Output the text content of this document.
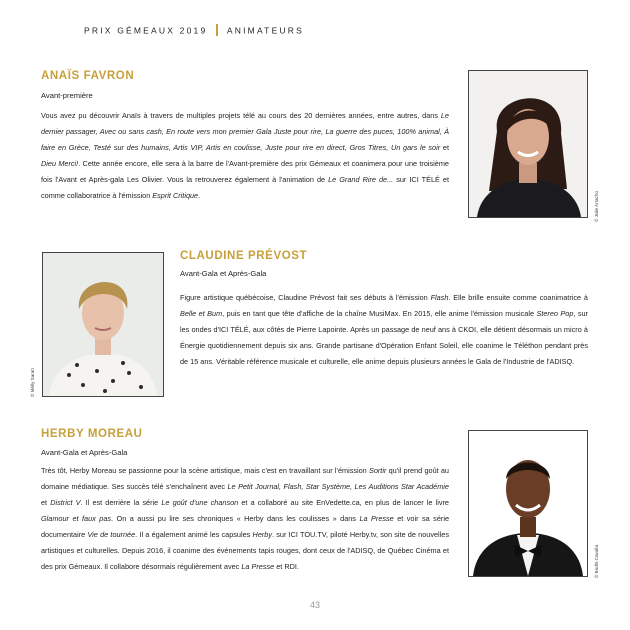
PRIX GÉMEAUX 2019 ANIMATEURS
ANAÏS FAVRON
Avant-première

Vous avez pu découvrir Anaïs à travers de multiples projets télé au cours des 20 dernières années, entre autres, dans Le dernier passager, Avec ou sans cash, En route vers mon premier Gala Juste pour rire, La guerre des puces, 100% animal, À faire en Grèce, Testé sur des humains, Artis VIP, Artis en coulisse, Juste pour rire en direct, Gros Titres, Un gars le soir et Dieu Merci!. Cette année encore, elle sera à la barre de l'Avant-première des prix Gémeaux et coanimera pour une troisième fois l'Avant et Après-gala Les Olivier. Vous la retrouverez également à l'animation de Le Grand Rire de... sur ICI TÉLÉ et comme collaboratrice à l'émission Esprit Critique.	© Julie Artacho
CLAUDINE PRÉVOST
Avant-Gala et Après-Gala

Figure artistique québécoise, Claudine Prévost fait ses débuts à l'émission Flash. Elle brille ensuite comme coanimatrice à Belle et Bum, puis en tant que tête d'affiche de la chaîne MusiMax. En 2015, elle anime l'émission musicale Stereo Pop, sur les ondes d'ICI TÉLÉ, aux côtés de Pierre Lapointe. Après un passage de neuf ans à CKOI, elle détient désormais un micro à Énergie quotidiennement depuis six ans. Grande partisane d'Opération Enfant Soleil, elle coanime le Téléthon pendant près de 15 ans. Véritable référence musicale et culturelle, elle anime depuis plusieurs années le Gala de l'Industrie de l'ADISQ.

© Mélly Sarah
HERBY MOREAU
Avant-Gala et Après-Gala

Très tôt, Herby Moreau se passionne pour la scène artistique, mais c'est en travaillant sur l'émission Sortir qu'il prend goût au domaine médiatique. Ses succès télé s'enchaînent avec Le Petit Journal, Flash, Star Système, Les Auditions Star Académie et District V. Il est derrière la série Le goût d'une chanson et a collaboré au site EnVedette.ca, en plus de lancer le livre Glamour et faux pas. On a aussi pu lire ses chroniques « Herby dans les coulisses » dans La Presse et voir sa série documentaire Vie de tournée. Il a également animé les capsules Herby. sur ICI TOU.TV, piloté Herby.tv, son site de nouvelles artistiques et culturelles. Depuis 2016, il coanime des événements tapis rouges, dont ceux de l'ADISQ, de Québec Cinéma et des prix Gémeaux. Il collabore désormais régulièrement avec La Presse et RDI.	© Bodhi Cavalla
43
